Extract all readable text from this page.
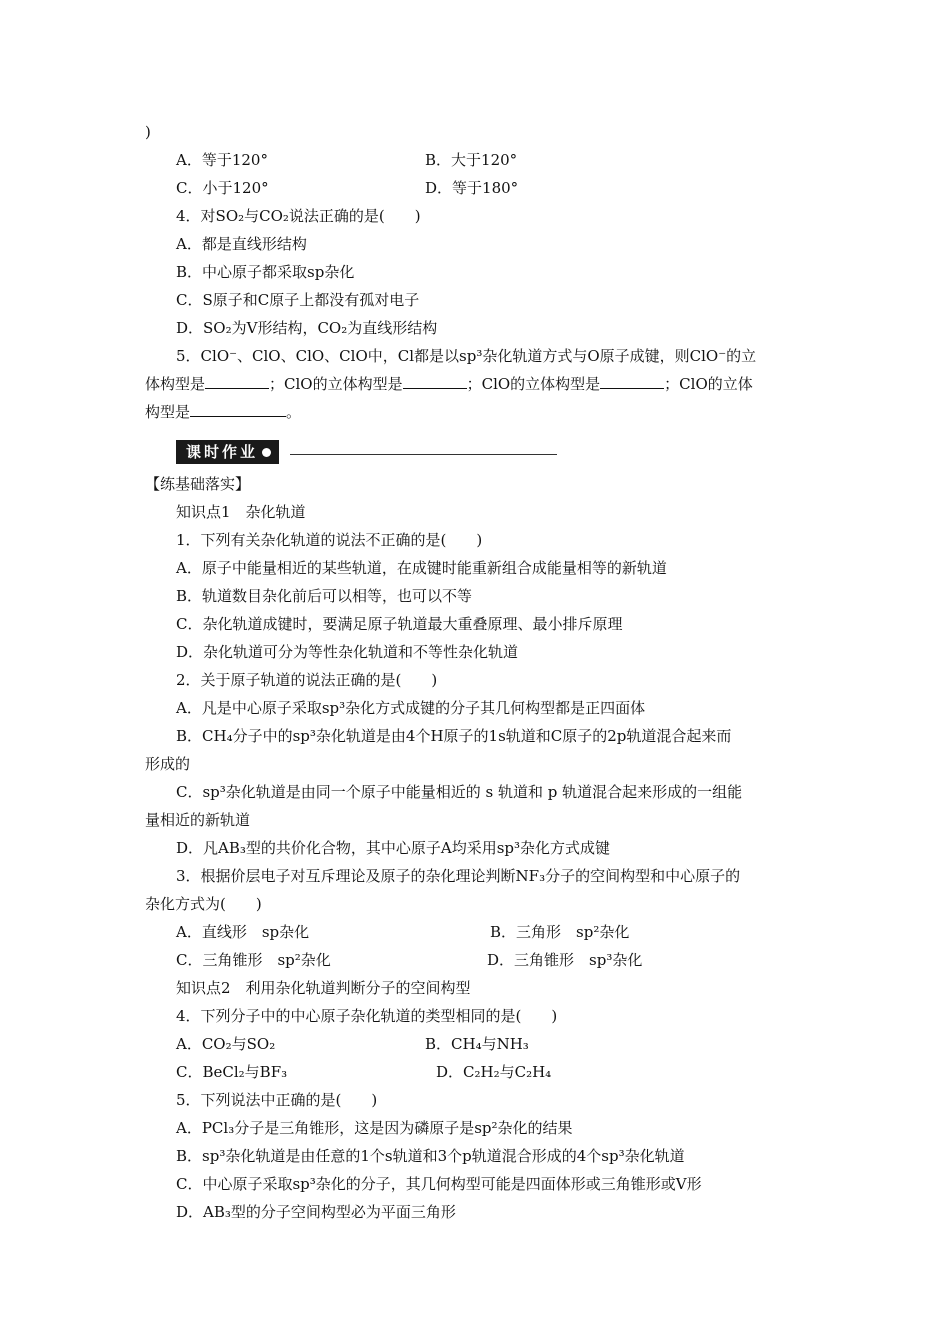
)
A．等于120°	B．大于120°
C．小于120°	D．等于180°
4．对SO₂与CO₂说法正确的是(　　)
A．都是直线形结构
B．中心原子都采取sp杂化
C．S原子和C原子上都没有孤对电子
D．SO₂为V形结构，CO₂为直线形结构
5．ClO⁻、ClO、ClO、ClO中，Cl都是以sp³杂化轨道方式与O原子成键，则ClO⁻的立
体构型是	；ClO的立体构型是	；ClO的立体构型是	；ClO的立体
构型是	。
课时作业
【练基础落实】
知识点1　杂化轨道
1．下列有关杂化轨道的说法不正确的是(　　)
A．原子中能量相近的某些轨道，在成键时能重新组合成能量相等的新轨道
B．轨道数目杂化前后可以相等，也可以不等
C．杂化轨道成键时，要满足原子轨道最大重叠原理、最小排斥原理
D．杂化轨道可分为等性杂化轨道和不等性杂化轨道
2．关于原子轨道的说法正确的是(　　)
A．凡是中心原子采取sp³杂化方式成键的分子其几何构型都是正四面体
B．CH₄分子中的sp³杂化轨道是由4个H原子的1s轨道和C原子的2p轨道混合起来而
形成的
C．sp³杂化轨道是由同一个原子中能量相近的 s 轨道和 p 轨道混合起来形成的一组能
量相近的新轨道
D．凡AB₃型的共价化合物，其中心原子A均采用sp³杂化方式成键
3．根据价层电子对互斥理论及原子的杂化理论判断NF₃分子的空间构型和中心原子的
杂化方式为(　　)
A．直线形　sp杂化	B．三角形　sp²杂化
C．三角锥形　sp²杂化	D．三角锥形　sp³杂化
知识点2　利用杂化轨道判断分子的空间构型
4．下列分子中的中心原子杂化轨道的类型相同的是(　　)
A．CO₂与SO₂	B．CH₄与NH₃
C．BeCl₂与BF₃	D．C₂H₂与C₂H₄
5．下列说法中正确的是(　　)
A．PCl₃分子是三角锥形，这是因为磷原子是sp²杂化的结果
B．sp³杂化轨道是由任意的1个s轨道和3个p轨道混合形成的4个sp³杂化轨道
C．中心原子采取sp³杂化的分子，其几何构型可能是四面体形或三角锥形或V形
D．AB₃型的分子空间构型必为平面三角形
